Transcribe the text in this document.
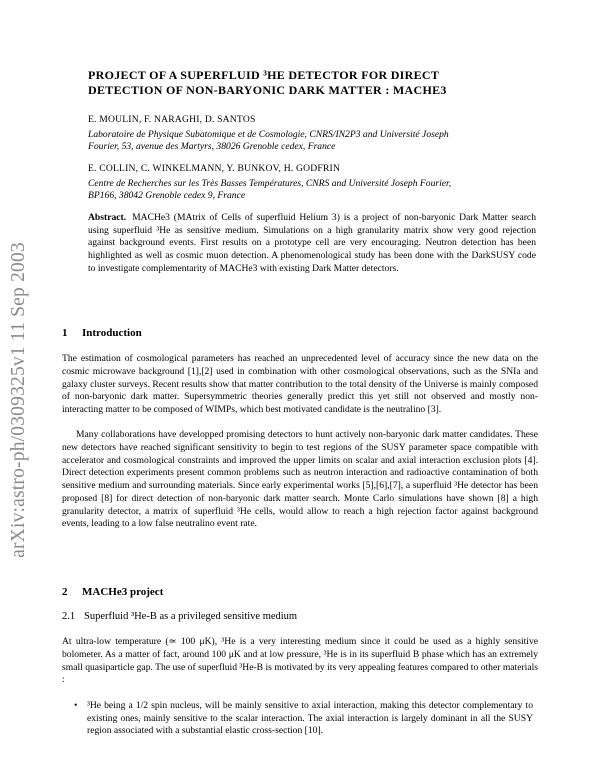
arXiv:astro-ph/0309325v1 11 Sep 2003
PROJECT OF A SUPERFLUID ³HE DETECTOR FOR DIRECT
DETECTION OF NON-BARYONIC DARK MATTER : MACHE3
E. MOULIN, F. NARAGHI, D. SANTOS
Laboratoire de Physique Subatomique et de Cosmologie, CNRS/IN2P3 and Université Joseph
Fourier, 53, avenue des Martyrs, 38026 Grenoble cedex, France
E. COLLIN, C. WINKELMANN, Y. BUNKOV, H. GODFRIN
Centre de Recherches sur les Très Basses Températures, CNRS and Université Joseph Fourier,
BP166, 38042 Grenoble cedex 9, France
Abstract. MACHe3 (MAtrix of Cells of superfluid Helium 3) is a project of non-baryonic Dark Matter search using superfluid ³He as sensitive medium. Simulations on a high granularity matrix show very good rejection against background events. First results on a prototype cell are very encouraging. Neutron detection has been highlighted as well as cosmic muon detection. A phenomenological study has been done with the DarkSUSY code to investigate complementarity of MACHe3 with existing Dark Matter detectors.
1 Introduction
The estimation of cosmological parameters has reached an unprecedented level of accuracy since the new data on the cosmic microwave background [1],[2] used in combination with other cosmological observations, such as the SNIa and galaxy cluster surveys. Recent results show that matter contribution to the total density of the Universe is mainly composed of non-baryonic dark matter. Supersymmetric theories generally predict this yet still not observed and mostly non-interacting matter to be composed of WIMPs, which best motivated candidate is the neutralino [3].
Many collaborations have developped promising detectors to hunt actively non-baryonic dark matter candidates. These new detectors have reached significant sensitivity to begin to test regions of the SUSY parameter space compatible with accelerator and cosmological constraints and improved the upper limits on scalar and axial interaction exclusion plots [4]. Direct detection experiments present common problems such as neutron interaction and radioactive contamination of both sensitive medium and surrounding materials. Since early experimental works [5],[6],[7], a superfluid ³He detector has been proposed [8] for direct detection of non-baryonic dark matter search. Monte Carlo simulations have shown [8] a high granularity detector, a matrix of superfluid ³He cells, would allow to reach a high rejection factor against background events, leading to a low false neutralino event rate.
2 MACHe3 project
2.1 Superfluid ³He-B as a privileged sensitive medium
At ultra-low temperature (≃ 100 μK), ³He is a very interesting medium since it could be used as a highly sensitive bolometer. As a matter of fact, around 100 μK and at low pressure, ³He is in its superfluid B phase which has an extremely small quasiparticle gap. The use of superfluid ³He-B is motivated by its very appealing features compared to other materials :
• ³He being a 1/2 spin nucleus, will be mainly sensitive to axial interaction, making this detector complementary to existing ones, mainly sensitive to the scalar interaction. The axial interaction is largely dominant in all the SUSY region associated with a substantial elastic cross-section [10].
